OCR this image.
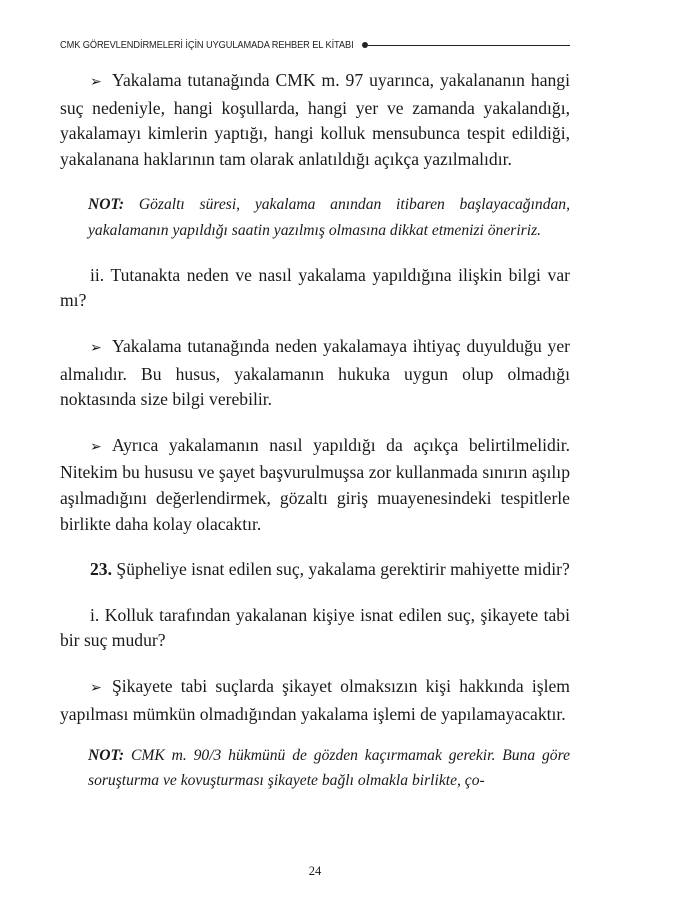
CMK GÖREVLENDİRMELERİ İÇİN UYGULAMADA REHBER EL KİTABI

➢ Yakalama tutanağında CMK m. 97 uyarınca, yakalananın hangi suç nedeniyle, hangi koşullarda, hangi yer ve zamanda yakalandığı, yakalamayı kimlerin yaptığı, hangi kolluk mensubunca tespit edildiği, yakalanana haklarının tam olarak anlatıldığı açıkça yazılmalıdır.

NOT: Gözaltı süresi, yakalama anından itibaren başlayacağından, yakalamanın yapıldığı saatin yazılmış olmasına dikkat etmenizi öneririz.

ii. Tutanakta neden ve nasıl yakalama yapıldığına ilişkin bilgi var mı?

➢ Yakalama tutanağında neden yakalamaya ihtiyaç duyulduğu yer almalıdır. Bu husus, yakalamanın hukuka uygun olup olmadığı noktasında size bilgi verebilir.

➢ Ayrıca yakalamanın nasıl yapıldığı da açıkça belirtilmelidir. Nitekim bu hususu ve şayet başvurulmuşsa zor kullanmada sınırın aşılıp aşılmadığını değerlendirmek, gözaltı giriş muayenesindeki tespitlerle birlikte daha kolay olacaktır.

23. Şüpheliye isnat edilen suç, yakalama gerektirir mahiyette midir?

i. Kolluk tarafından yakalanan kişiye isnat edilen suç, şikayete tabi bir suç mudur?

➢ Şikayete tabi suçlarda şikayet olmaksızın kişi hakkında işlem yapılması mümkün olmadığından yakalama işlemi de yapılamayacaktır.

NOT: CMK m. 90/3 hükmünü de gözden kaçırmamak gerekir. Buna göre soruşturma ve kovuşturması şikayete bağlı olmakla birlikte, ço-

24
